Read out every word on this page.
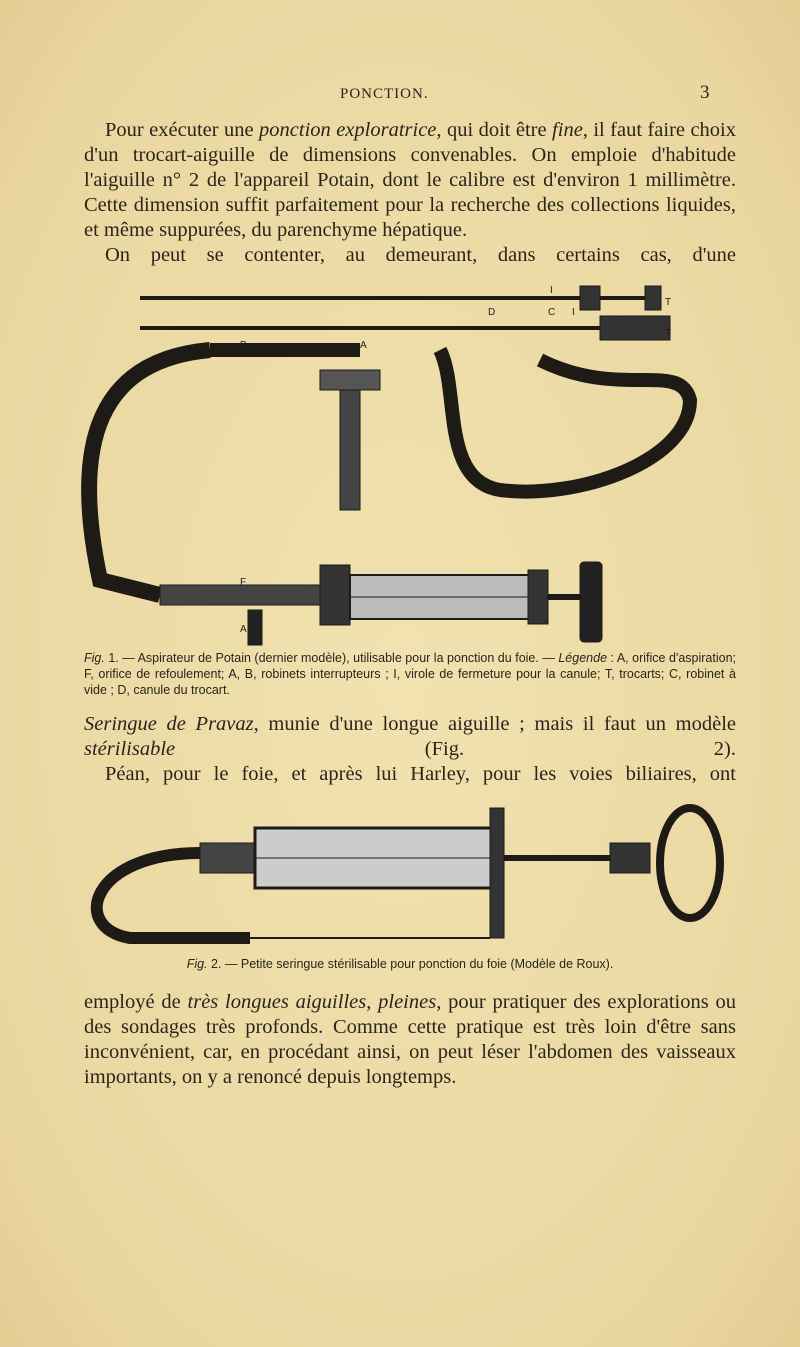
PONCTION.	3
Pour exécuter une ponction exploratrice, qui doit être fine, il faut faire choix d'un trocart-aiguille de dimensions convenables. On emploie d'habitude l'aiguille n° 2 de l'appareil Potain, dont le calibre est d'environ 1 millimètre. Cette dimension suffit parfaitement pour la recherche des collections liquides, et même suppurées, du parenchyme hépatique.
On peut se contenter, au demeurant, dans certains cas, d'une
I
T
D	C I
T
B	A
F
A
Fig. 1. — Aspirateur de Potain (dernier modèle), utilisable pour la ponction du foie. — Légende : A, orifice d'aspiration; F, orifice de refoulement; A, B, robinets interrupteurs ; I, virole de fermeture pour la canule; T, trocarts; C, robinet à vide ; D, canule du trocart.
Seringue de Pravaz, munie d'une longue aiguille ; mais il faut un modèle stérilisable (Fig. 2).
Péan, pour le foie, et après lui Harley, pour les voies biliaires, ont
Fig. 2. — Petite seringue stérilisable pour ponction du foie (Modèle de Roux).
employé de très longues aiguilles, pleines, pour pratiquer des explorations ou des sondages très profonds. Comme cette pratique est très loin d'être sans inconvénient, car, en procédant ainsi, on peut léser l'abdomen des vaisseaux importants, on y a renoncé depuis longtemps.
